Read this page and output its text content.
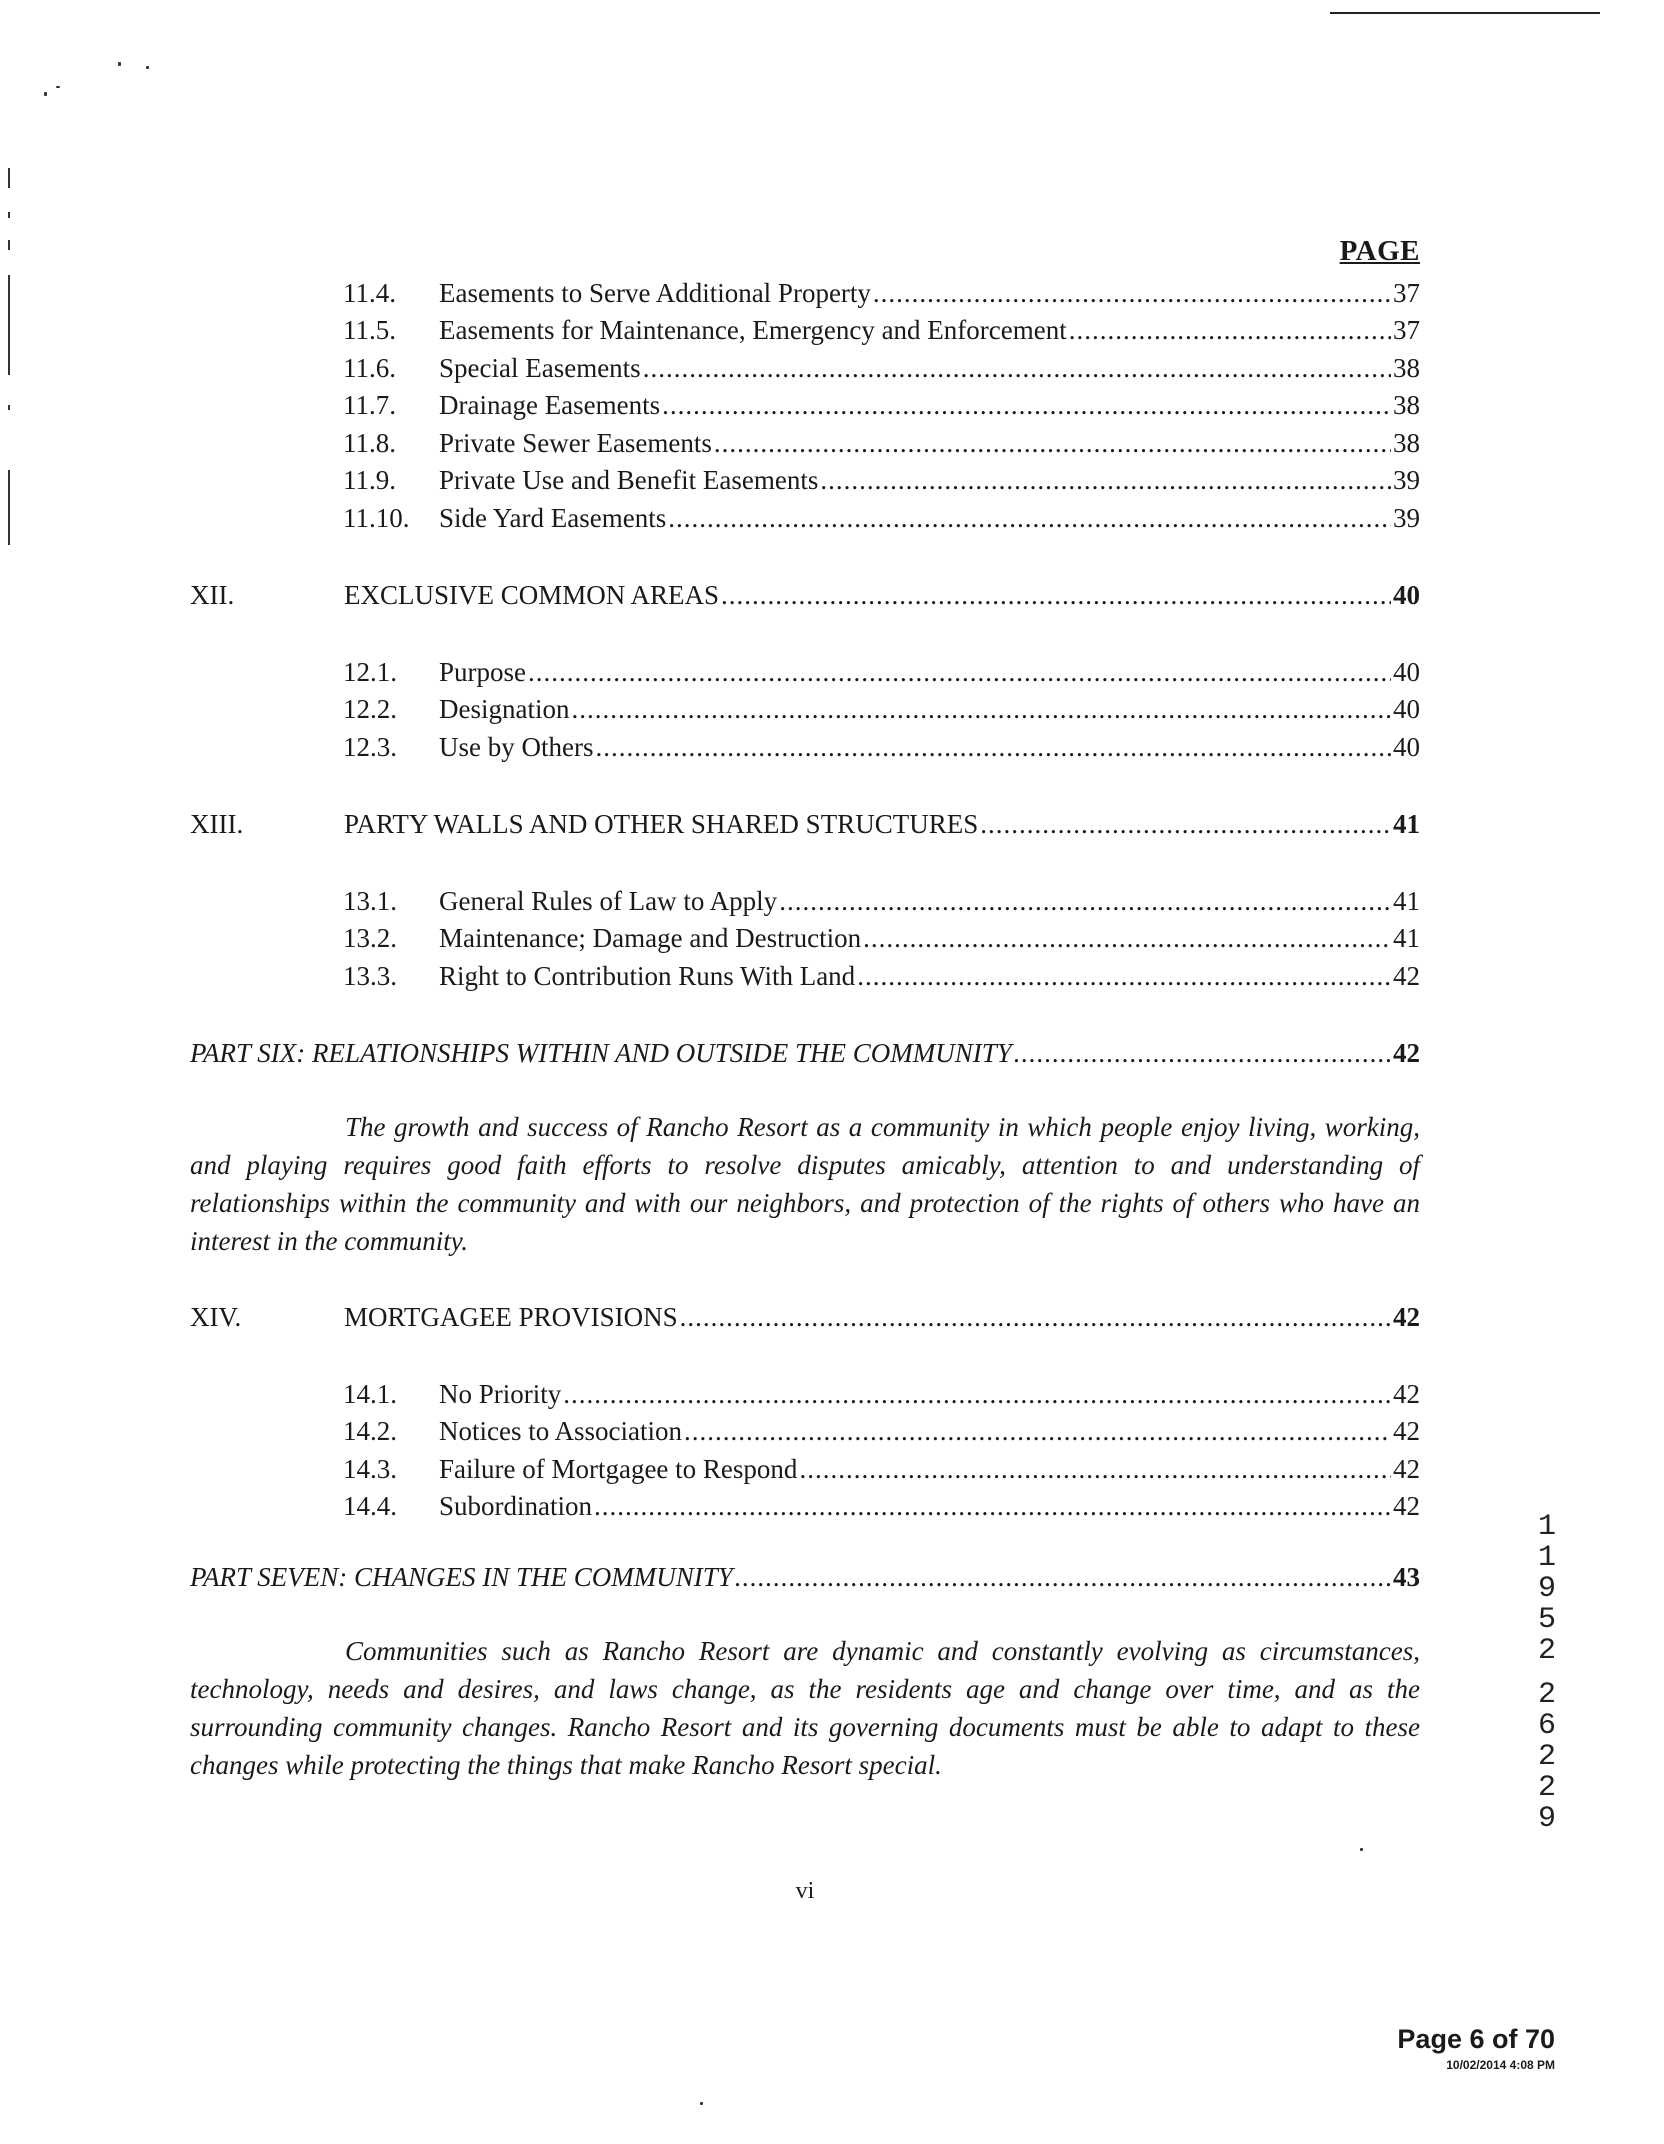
PAGE
11.4.	Easements to Serve Additional Property .....	37
11.5.	Easements for Maintenance, Emergency and Enforcement .....	37
11.6.	Special Easements .....	38
11.7.	Drainage Easements .....	38
11.8.	Private Sewer Easements .....	38
11.9.	Private Use and Benefit Easements .....	39
11.10.	Side Yard Easements .....	39
XII.	EXCLUSIVE COMMON AREAS .....	40
12.1.	Purpose .....	40
12.2.	Designation .....	40
12.3.	Use by Others .....	40
XIII.	PARTY WALLS AND OTHER SHARED STRUCTURES .....	41
13.1.	General Rules of Law to Apply .....	41
13.2.	Maintenance; Damage and Destruction .....	41
13.3.	Right to Contribution Runs With Land .....	42
PART SIX: RELATIONSHIPS WITHIN AND OUTSIDE THE COMMUNITY .....	42
The growth and success of Rancho Resort as a community in which people enjoy living, working, and playing requires good faith efforts to resolve disputes amicably, attention to and understanding of relationships within the community and with our neighbors, and protection of the rights of others who have an interest in the community.
XIV.	MORTGAGEE PROVISIONS .....	42
14.1.	No Priority .....	42
14.2.	Notices to Association .....	42
14.3.	Failure of Mortgagee to Respond .....	42
14.4.	Subordination .....	42
PART SEVEN: CHANGES IN THE COMMUNITY .....	43
Communities such as Rancho Resort are dynamic and constantly evolving as circumstances, technology, needs and desires, and laws change, as the residents age and change over time, and as the surrounding community changes. Rancho Resort and its governing documents must be able to adapt to these changes while protecting the things that make Rancho Resort special.
vi
Page 6 of 70
10/02/2014 4:08 PM
1
1
9
5
2
2
6
2
2
9
